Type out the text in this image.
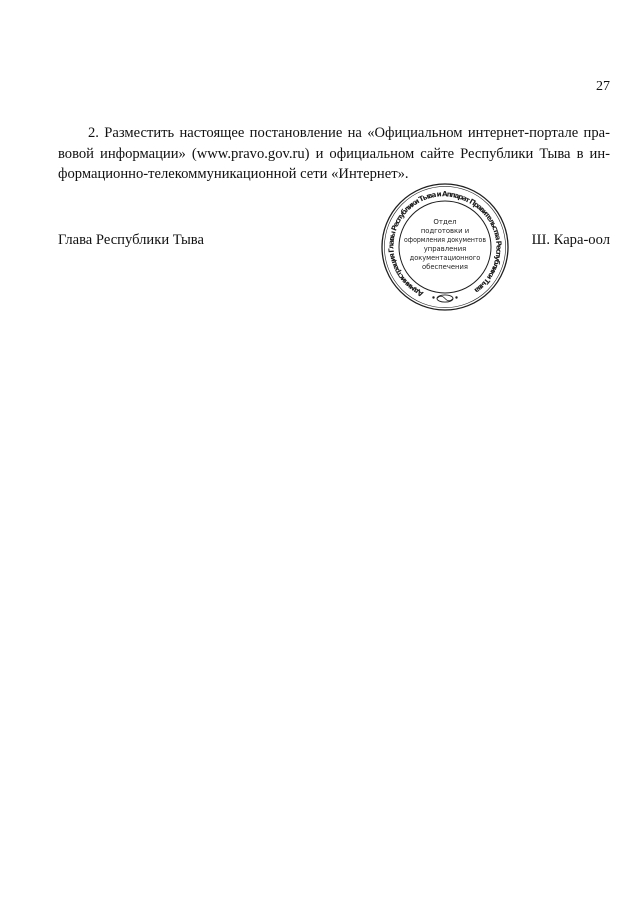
27
2. Разместить настоящее постановление на «Официальном интернет-портале пра-
вовой информации» (www.pravo.gov.ru) и официальном сайте Республики Тыва в ин-
формационно-телекоммуникационной сети «Интернет».
Глава Республики Тыва	Ш. Кара-оол
Администрация Главы Республики Тыва и Аппарат Правительства Республики Тыва
Отдел
подготовки и
оформления документов
управления
документационного
обеспечения
